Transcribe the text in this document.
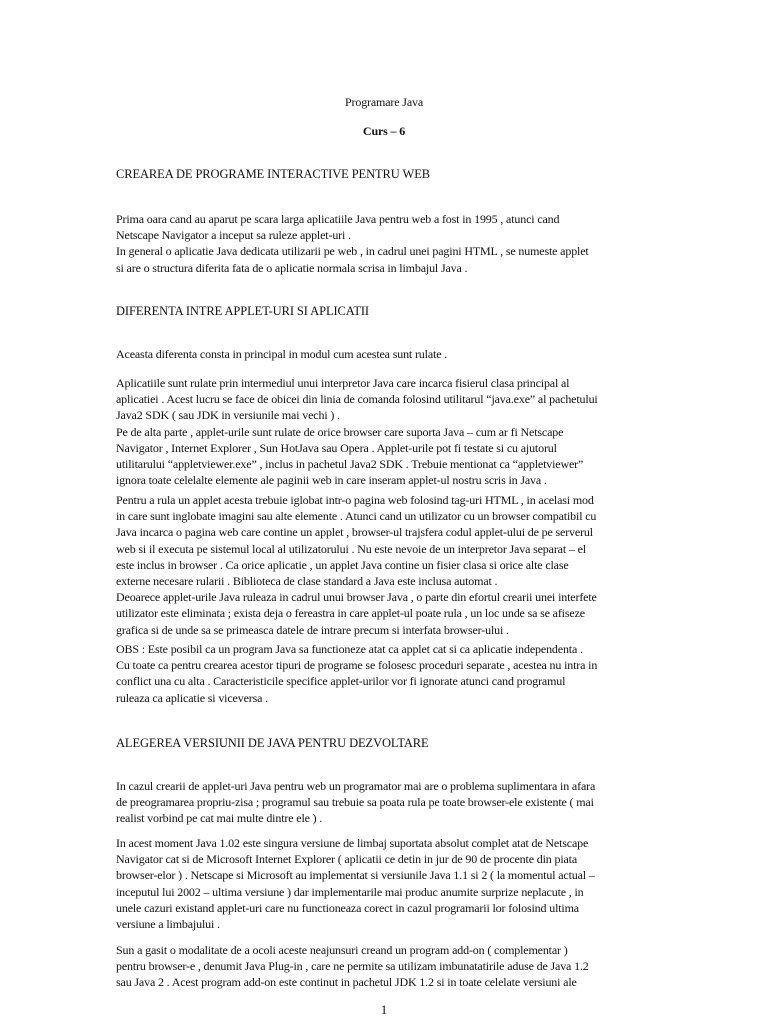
Programare Java

Curs – 6

CREAREA DE PROGRAME INTERACTIVE PENTRU WEB

Prima oara cand au aparut pe scara larga aplicatiile Java pentru web a fost in 1995 , atunci cand
Netscape Navigator a inceput sa ruleze applet-uri .
In general o aplicatie Java dedicata utilizarii pe web , in cadrul unei pagini HTML , se numeste applet
si are o structura diferita fata de o aplicatie normala scrisa in limbajul Java .

DIFERENTA INTRE APPLET-URI SI APLICATII

Aceasta diferenta consta in principal in modul cum acestea sunt rulate .

Aplicatiile sunt rulate prin intermediul unui interpretor Java care incarca fisierul clasa principal al
aplicatiei . Acest lucru se face de obicei din linia de comanda folosind utilitarul “java.exe” al pachetului
Java2 SDK ( sau JDK in versiunile mai vechi ) .
Pe de alta parte , applet-urile sunt rulate de orice browser care suporta Java – cum ar fi Netscape
Navigator , Internet Explorer , Sun HotJava sau Opera . Applet-urile pot fi testate si cu ajutorul
utilitarului “appletviewer.exe” , inclus in pachetul Java2 SDK . Trebuie mentionat ca “appletviewer”
ignora toate celelalte elemente ale paginii web in care inseram applet-ul nostru scris in Java .

Pentru a rula un applet acesta trebuie iglobat intr-o pagina web folosind tag-uri HTML , in acelasi mod
in care sunt inglobate imagini sau alte elemente . Atunci cand un utilizator cu un browser compatibil cu
Java incarca o pagina web care contine un applet , browser-ul trajsfera codul applet-ului de pe serverul
web si il executa pe sistemul local al utilizatorului . Nu este nevoie de un interpretor Java separat – el
este inclus in browser . Ca orice aplicatie , un applet Java contine un fisier clasa si orice alte clase
externe necesare rularii . Biblioteca de clase standard a Java este inclusa automat .
Deoarece applet-urile Java ruleaza in cadrul unui browser Java , o parte din efortul crearii unei interfete
utilizator este eliminata ; exista deja o fereastra in care applet-ul poate rula , un loc unde sa se afiseze
grafica si de unde sa se primeasca datele de intrare precum si interfata browser-ului .

OBS : Este posibil ca un program Java sa functioneze atat ca applet cat si ca aplicatie independenta .
Cu toate ca pentru crearea acestor tipuri de programe se folosesc proceduri separate , acestea nu intra in
conflict una cu alta . Caracteristicile specifice applet-urilor vor fi ignorate atunci cand programul
ruleaza ca aplicatie si viceversa .

ALEGEREA VERSIUNII DE JAVA PENTRU DEZVOLTARE

In cazul crearii de applet-uri Java pentru web un programator mai are o problema suplimentara in afara
de preogramarea propriu-zisa ; programul sau trebuie sa poata rula pe toate browser-ele existente ( mai
realist vorbind pe cat mai multe dintre ele ) .

In acest moment Java 1.02 este singura versiune de limbaj suportata absolut complet atat de Netscape
Navigator cat si de Microsoft Internet Explorer ( aplicatii ce detin in jur de 90 de procente din piata
browser-elor ) . Netscape si Microsoft au implementat si versiunile Java 1.1 si 2 ( la momentul actual –
inceputul lui 2002 – ultima versiune ) dar implementarile mai produc anumite surprize neplacute , in
unele cazuri existand applet-uri care nu functioneaza corect in cazul programarii lor folosind ultima
versiune a limbajului .

Sun a gasit o modalitate de a ocoli aceste neajunsuri creand un program add-on ( complementar )
pentru browser-e , denumit Java Plug-in , care ne permite sa utilizam imbunatatirile aduse de Java 1.2
sau Java 2 . Acest program add-on este continut in pachetul JDK 1.2 si in toate celelate versiuni ale

1
